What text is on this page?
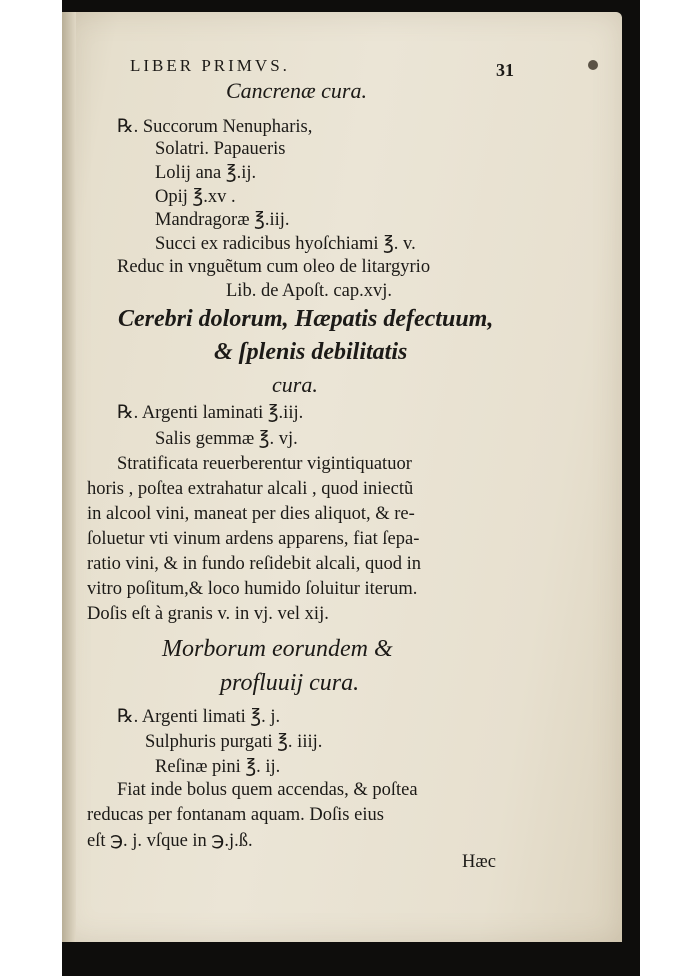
LIBER PRIMVS.	31
Cancrenæ cura.
℞. Succorum Nenupharis,
Solatri. Papaueris
Lolij ana ℥.ij.
Opij ℥.xv .
Mandragoræ ℥.iij.
Succi ex radicibus hyoſchiami ℥. v.
Reduc in vnguẽtum cum oleo de litargyrio
Lib. de Apoſt. cap.xvj.
Cerebri dolorum, Hæpatis defectuum,
& ſplenis debilitatis
cura.
℞. Argenti laminati ℥.iij.
Salis gemmæ ℥. vj.
Stratificata reuerberentur vigintiquatuor
horis , poſtea extrahatur alcali , quod iniectũ
in alcool vini, maneat per dies aliquot, & re-
ſoluetur vti vinum ardens apparens, fiat ſepa-
ratio vini, & in fundo reſidebit alcali, quod in
vitro poſitum,& loco humido ſoluitur iterum.
Doſis eſt à granis v. in vj. vel xij.
Morborum eorundem &
profluuij cura.
℞. Argenti limati ℥. j.
Sulphuris purgati ℥. iiij.
Reſinæ pini ℥. ij.
Fiat inde bolus quem accendas, & poſtea
reducas per fontanam aquam. Doſis eius
eſt ℈. j. vſque in ℈.j.ß.
Hæc
